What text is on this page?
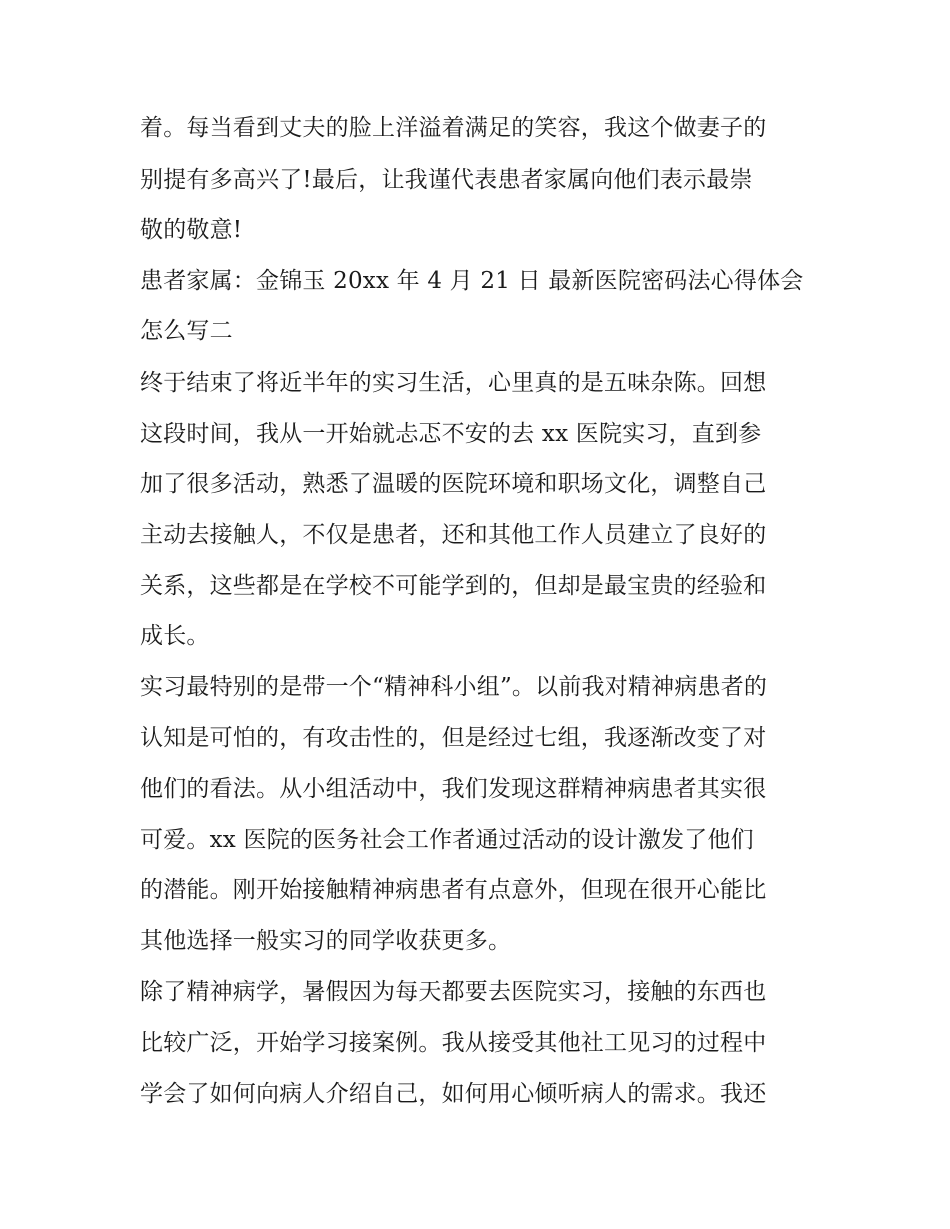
着。每当看到丈夫的脸上洋溢着满足的笑容，我这个做妻子的
别提有多高兴了!最后，让我谨代表患者家属向他们表示最崇
敬的敬意!
患者家属：金锦玉 20xx 年 4 月 21 日 最新医院密码法心得体会
怎么写二
终于结束了将近半年的实习生活，心里真的是五味杂陈。回想
这段时间，我从一开始就忐忑不安的去 xx 医院实习，直到参
加了很多活动，熟悉了温暖的医院环境和职场文化，调整自己
主动去接触人，不仅是患者，还和其他工作人员建立了良好的
关系，这些都是在学校不可能学到的，但却是最宝贵的经验和
成长。
实习最特别的是带一个“精神科小组”。以前我对精神病患者的
认知是可怕的，有攻击性的，但是经过七组，我逐渐改变了对
他们的看法。从小组活动中，我们发现这群精神病患者其实很
可爱。xx 医院的医务社会工作者通过活动的设计激发了他们
的潜能。刚开始接触精神病患者有点意外，但现在很开心能比
其他选择一般实习的同学收获更多。
除了精神病学，暑假因为每天都要去医院实习，接触的东西也
比较广泛，开始学习接案例。我从接受其他社工见习的过程中
学会了如何向病人介绍自己，如何用心倾听病人的需求。我还
